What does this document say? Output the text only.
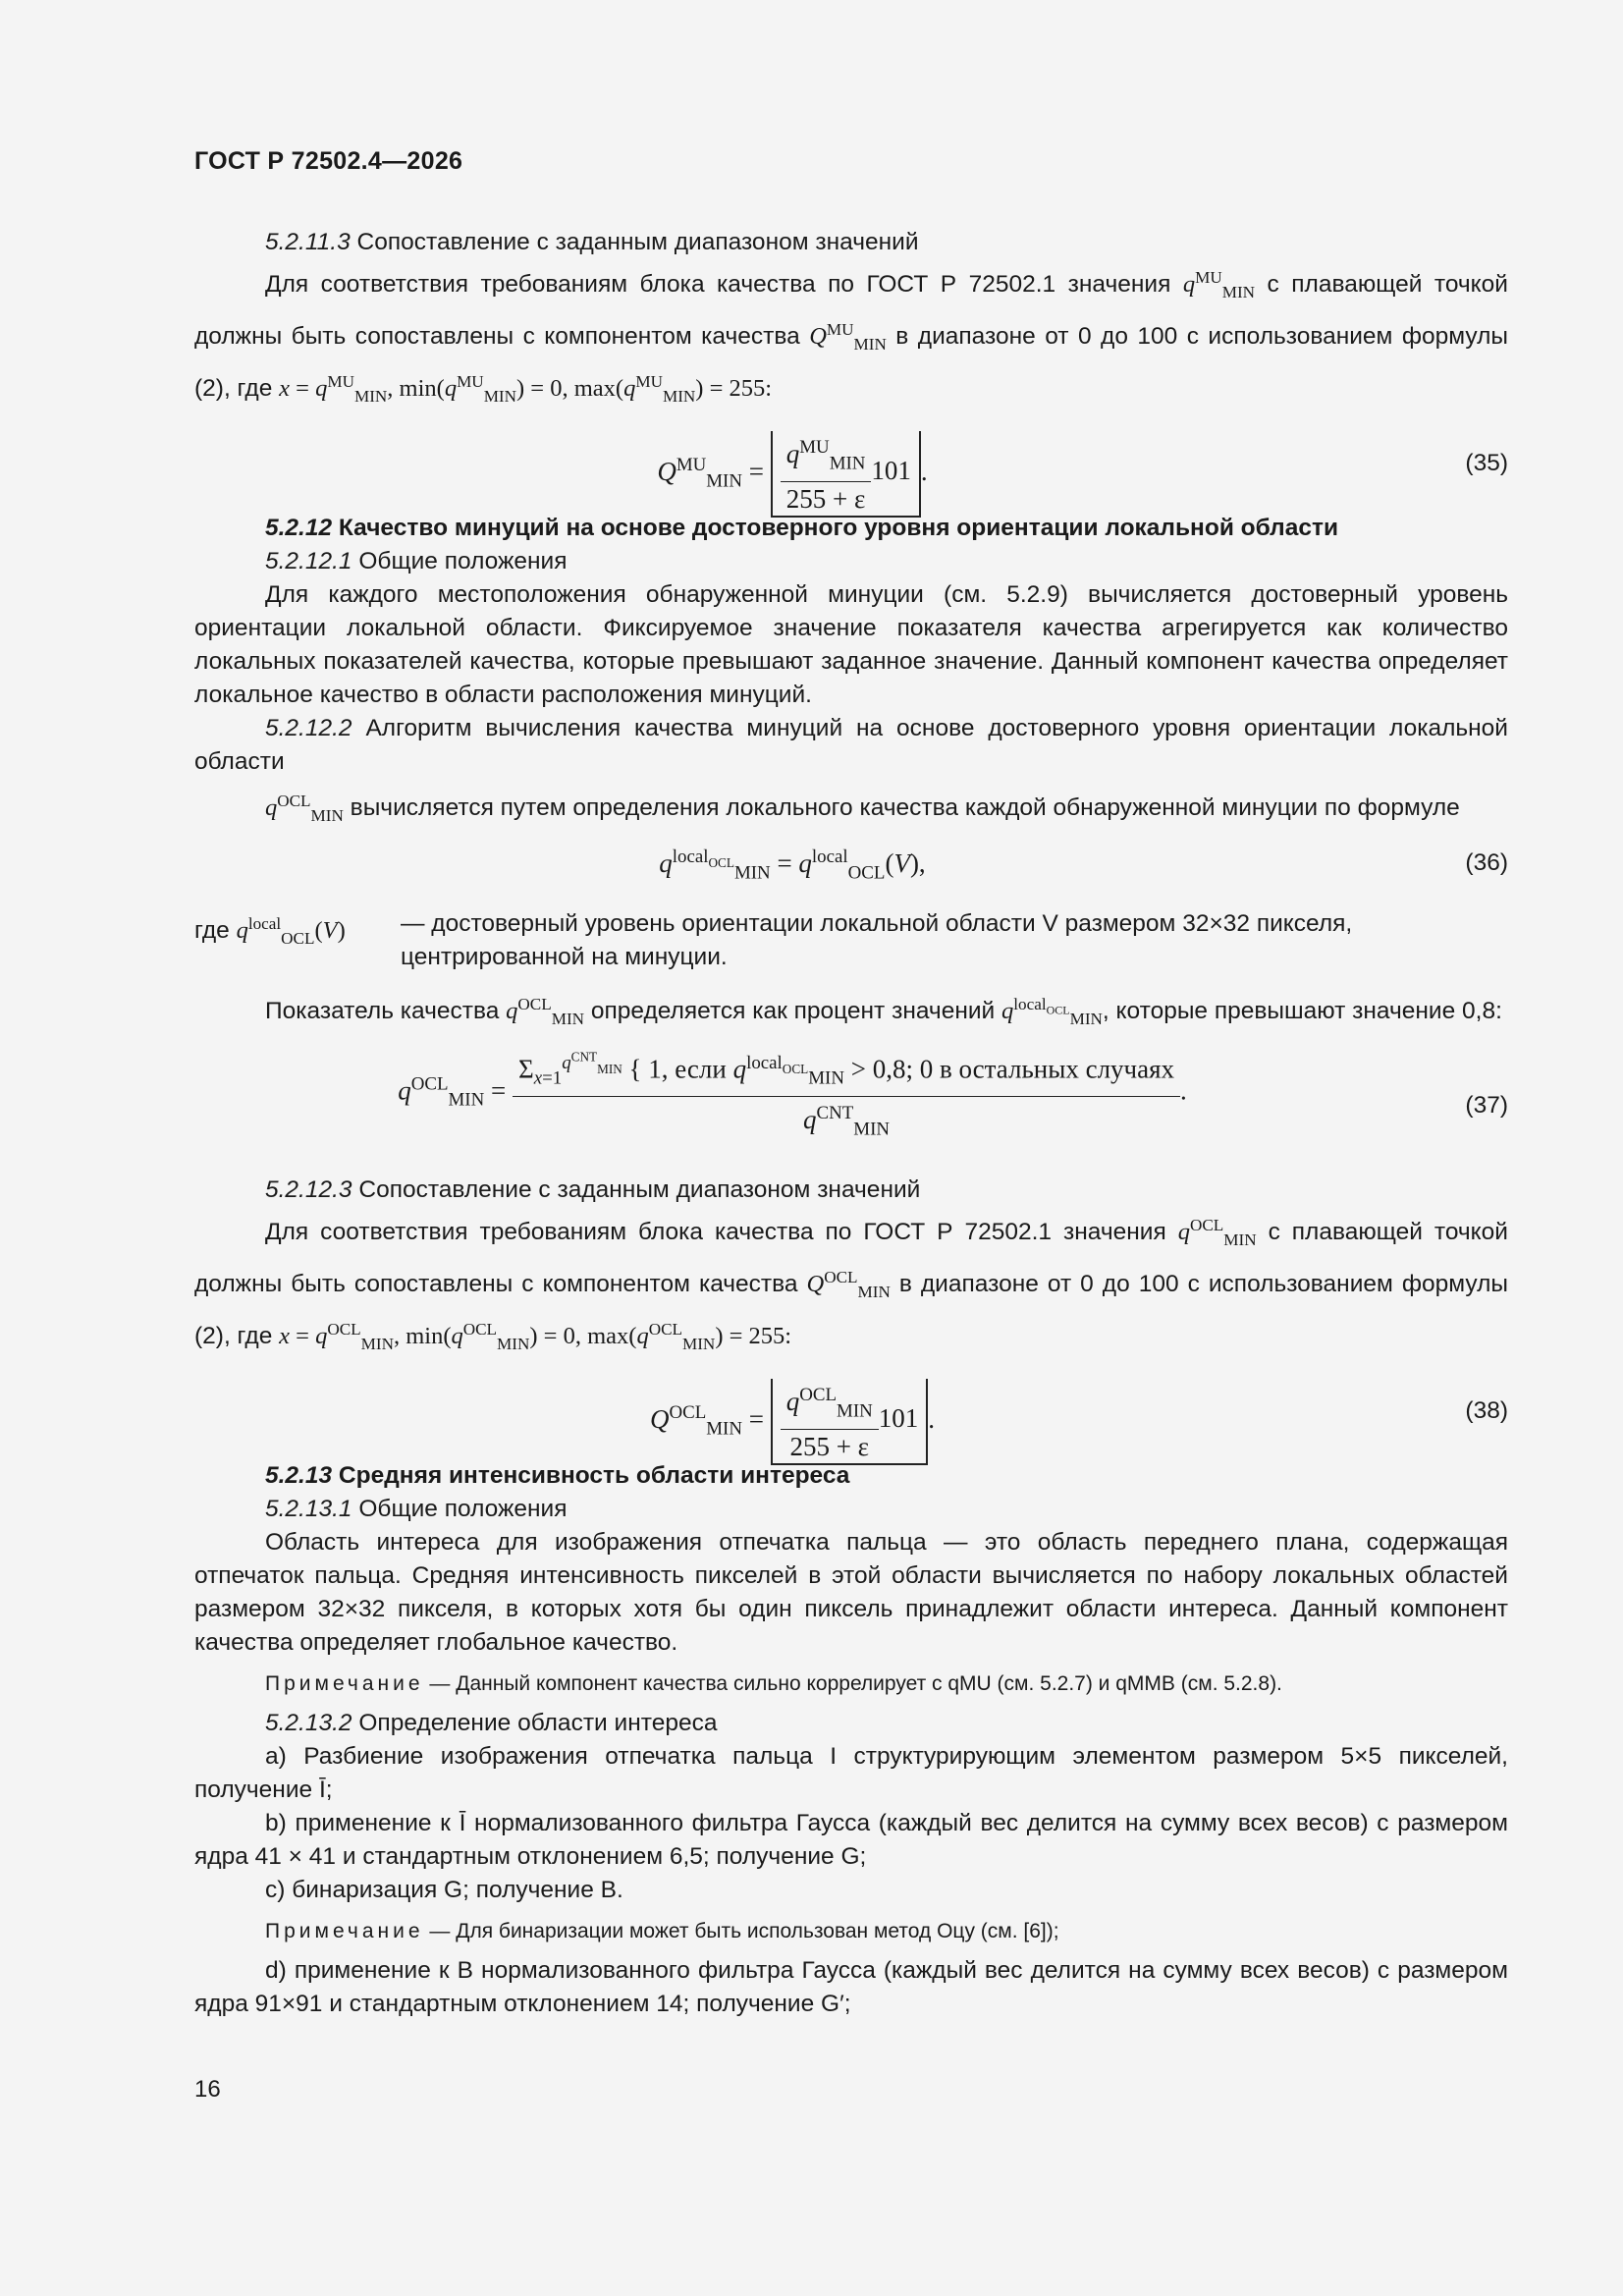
ГОСТ Р 72502.4—2026

5.2.11.3 Сопоставление с заданным диапазоном значений

Для соответствия требованиям блока качества по ГОСТ Р 72502.1 значения $q^{MU}_{MIN}$ с плавающей точкой должны быть сопоставлены с компонентом качества $Q^{MU}_{MIN}$ в диапазоне от 0 до 100 с использованием формулы (2), где $x = q^{MU}_{MIN}$, $\min(q^{MU}_{MIN}) = 0$, $\max(q^{MU}_{MIN}) = 255$:

$Q^{MU}_{MIN} = \frac{q^{MU}_{MIN}}{255 + \varepsilon} 101$ .	(35)

5.2.12 Качество минуций на основе достоверного уровня ориентации локальной области

5.2.12.1 Общие положения

Для каждого местоположения обнаруженной минуции (см. 5.2.9) вычисляется достоверный уровень ориентации локальной области. Фиксируемое значение показателя качества агрегируется как количество локальных показателей качества, которые превышают заданное значение. Данный компонент качества определяет локальное качество в области расположения минуций.

5.2.12.2 Алгоритм вычисления качества минуций на основе достоверного уровня ориентации локальной области

$q^{OCL}_{MIN}$ вычисляется путем определения локального качества каждой обнаруженной минуции по формуле

$q^{local_{OCL}}_{MIN} = q^{local}_{OCL}(V)$,	(36)
где $q^{local}_{OCL}(V)$ — достоверный уровень ориентации локальной области V размером 32×32 пикселя, центрированной на минуции.

Показатель качества $q^{OCL}_{MIN}$ определяется как процент значений $q^{local_{OCL}}_{MIN}$, которые превышают значение 0,8:

$q^{OCL}_{MIN}$ =
$\Sigma_{x=1}^{q^{CNT}_{MIN}}$ { 1, если $q^{local_{OCL}}_{MIN} > 0,8$; 0 в остальных случаях
$q^{CNT}_{MIN}$
.
(37)

5.2.12.3 Сопоставление с заданным диапазоном значений

Для соответствия требованиям блока качества по ГОСТ Р 72502.1 значения $q^{OCL}_{MIN}$ с плавающей точкой должны быть сопоставлены с компонентом качества $Q^{OCL}_{MIN}$ в диапазоне от 0 до 100 с использованием формулы (2), где $x = q^{OCL}_{MIN}$, $\min(q^{OCL}_{MIN}) = 0$, $\max(q^{OCL}_{MIN}) = 255$:

$Q^{OCL}_{MIN} = \frac{q^{OCL}_{MIN}}{255 + \varepsilon} 101$ .	(38)

5.2.13 Средняя интенсивность области интереса

5.2.13.1 Общие положения

Область интереса для изображения отпечатка пальца — это область переднего плана, содержащая отпечаток пальца. Средняя интенсивность пикселей в этой области вычисляется по набору локальных областей размером 32×32 пикселя, в которых хотя бы один пиксель принадлежит области интереса. Данный компонент качества определяет глобальное качество.

Примечание — Данный компонент качества сильно коррелирует с qMU (см. 5.2.7) и qMMB (см. 5.2.8).

5.2.13.2 Определение области интереса

a) Разбиение изображения отпечатка пальца I структурирующим элементом размером 5×5 пикселей, получение Ī;

b) применение к Ī нормализованного фильтра Гаусса (каждый вес делится на сумму всех весов) с размером ядра 41 × 41 и стандартным отклонением 6,5; получение G;

c) бинаризация G; получение B.

Примечание — Для бинаризации может быть использован метод Оцу (см. [6]);

d) применение к B нормализованного фильтра Гаусса (каждый вес делится на сумму всех весов) с размером ядра 91×91 и стандартным отклонением 14; получение G′;

16
